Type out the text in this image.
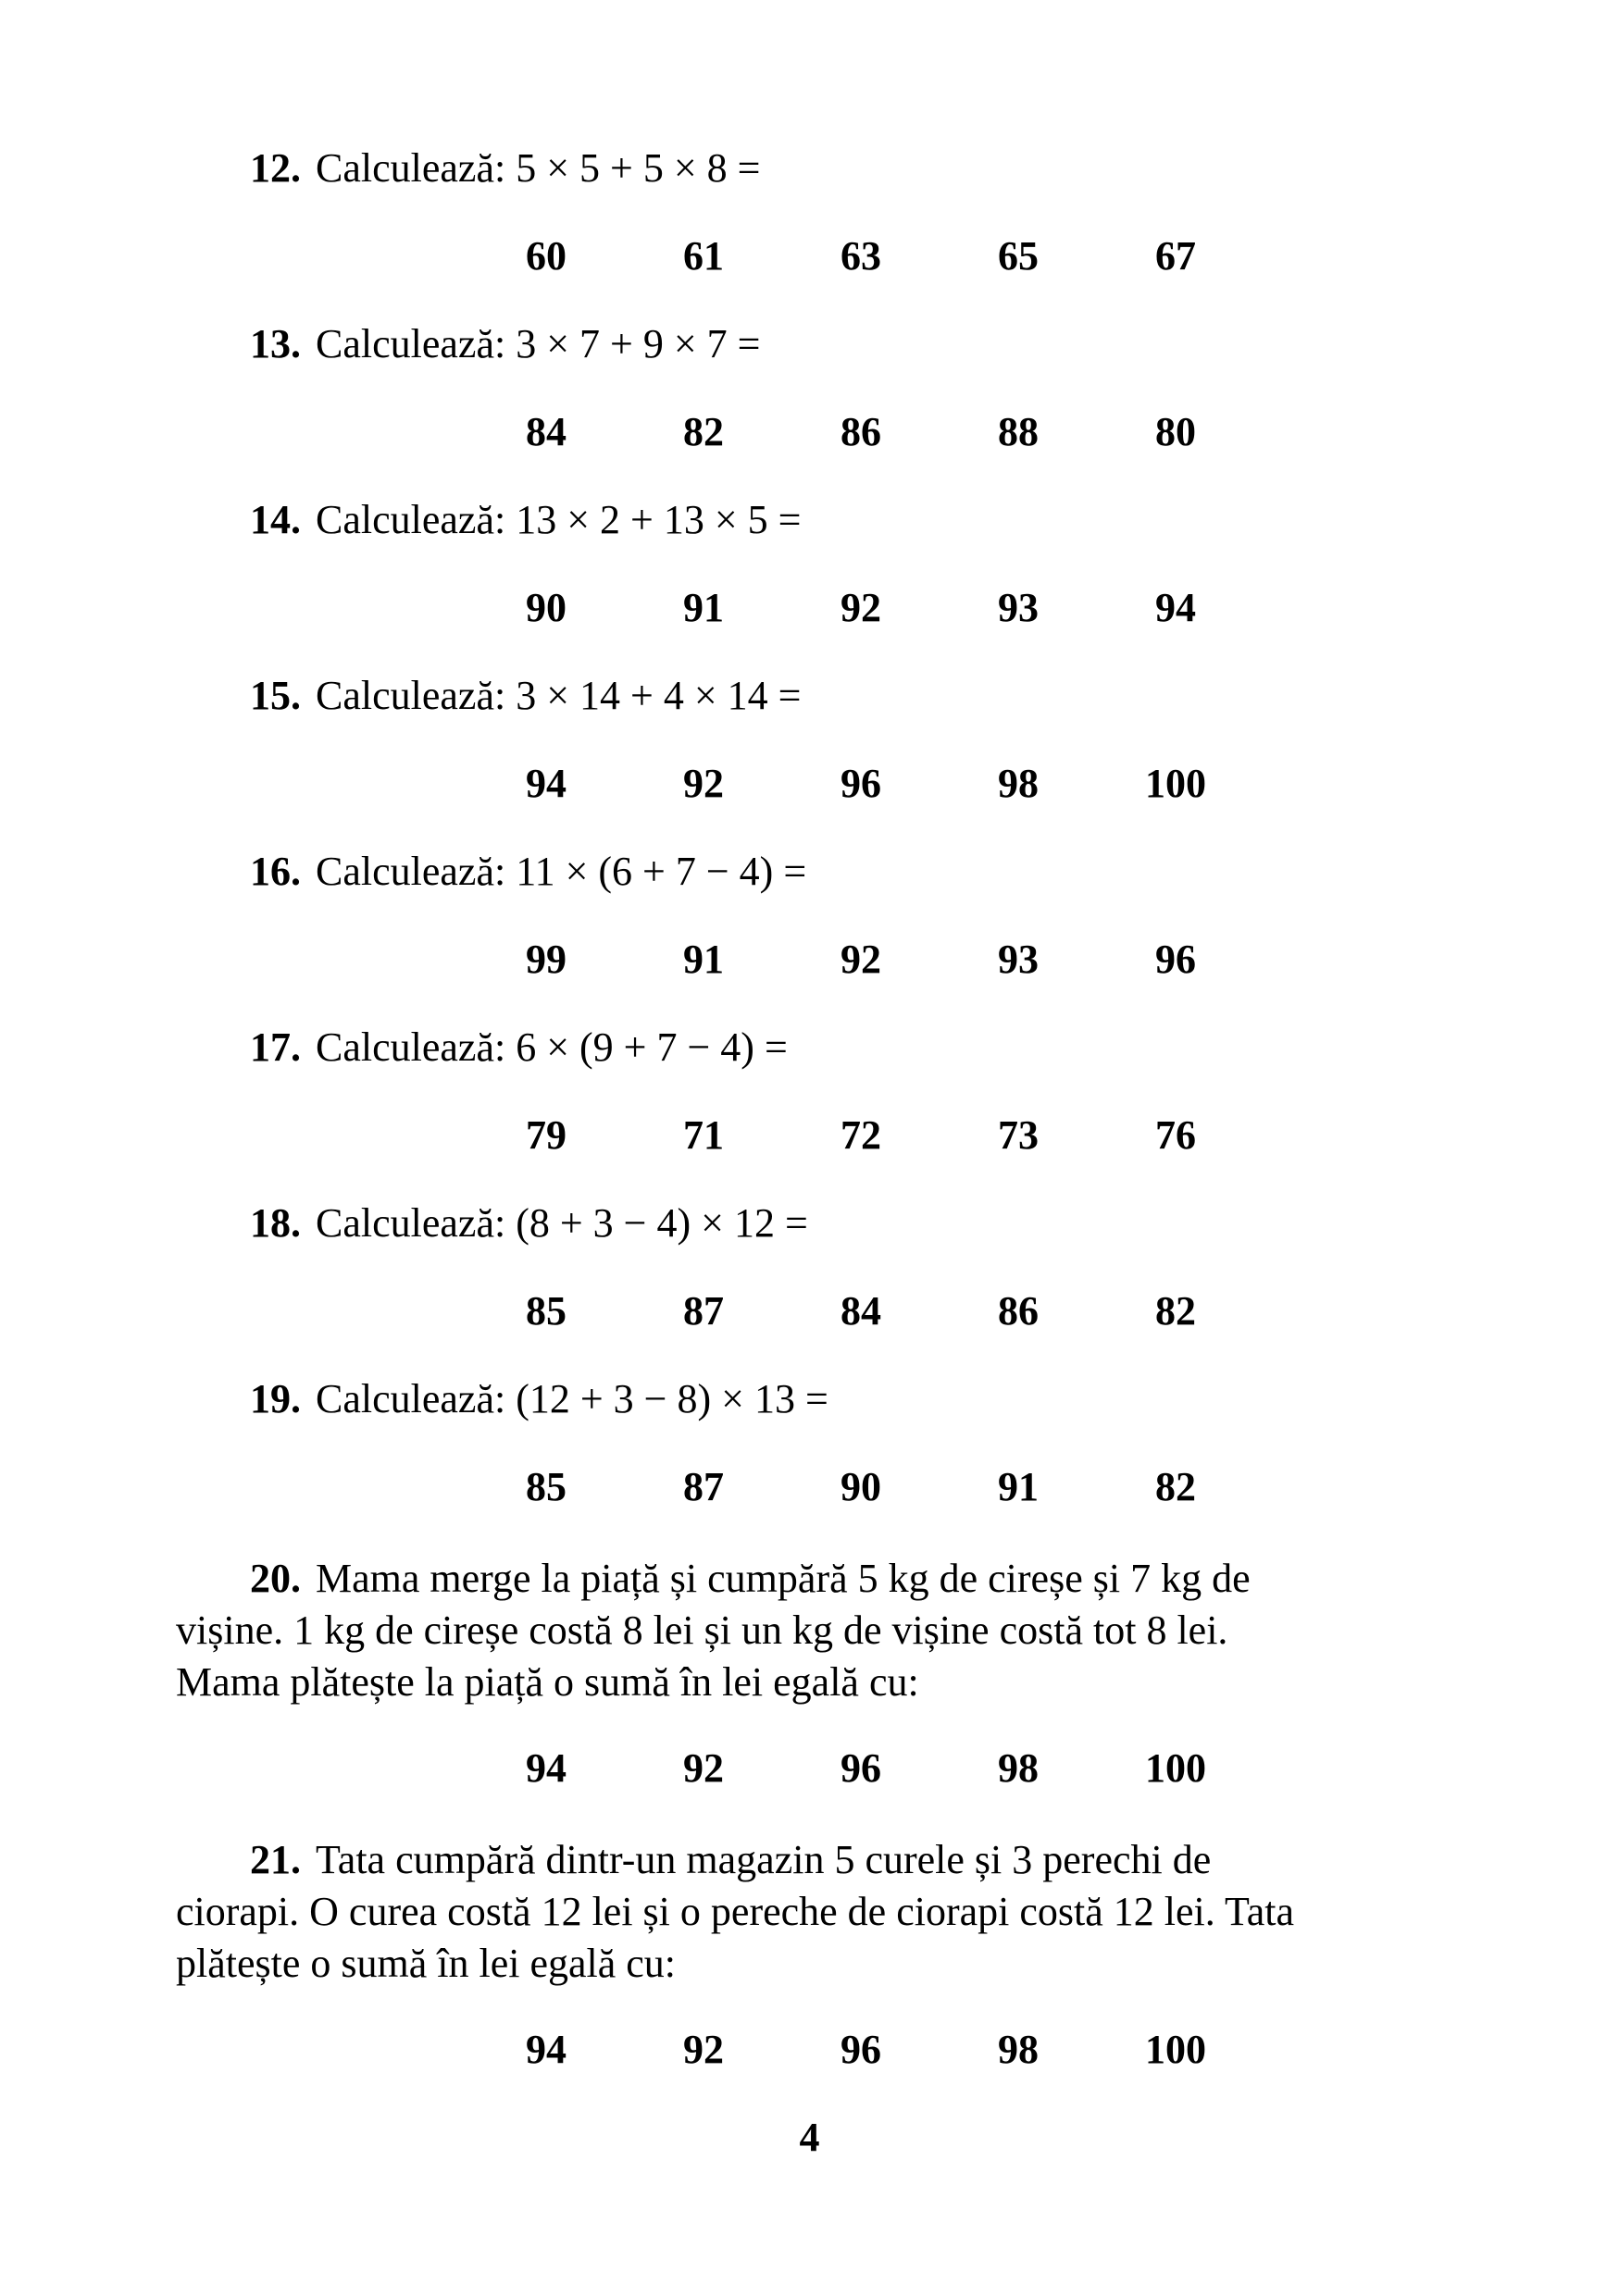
12. Calculează: 5 × 5 + 5 × 8 =
60	61	63	65	67
13. Calculează: 3 × 7 + 9 × 7 =
84	82	86	88	80
14. Calculează: 13 × 2 + 13 × 5 =
90	91	92	93	94
15. Calculează: 3 × 14 + 4 × 14 =
94	92	96	98	100
16. Calculează: 11 × (6 + 7 − 4) =
99	91	92	93	96
17. Calculează: 6 × (9 + 7 − 4) =
79	71	72	73	76
18. Calculează: (8 + 3 − 4) × 12 =
85	87	84	86	82
19. Calculează: (12 + 3 − 8) × 13 =
85	87	90	91	82
20. Mama merge la piață și cumpără 5 kg de cireșe și 7 kg de
vișine. 1 kg de cireșe costă 8 lei și un kg de vișine costă tot 8 lei.
Mama plătește la piață o sumă în lei egală cu:
94	92	96	98	100
21. Tata cumpără dintr-un magazin 5 curele și 3 perechi de
ciorapi. O curea costă 12 lei și o pereche de ciorapi costă 12 lei. Tata
plătește o sumă în lei egală cu:
94	92	96	98	100
4
